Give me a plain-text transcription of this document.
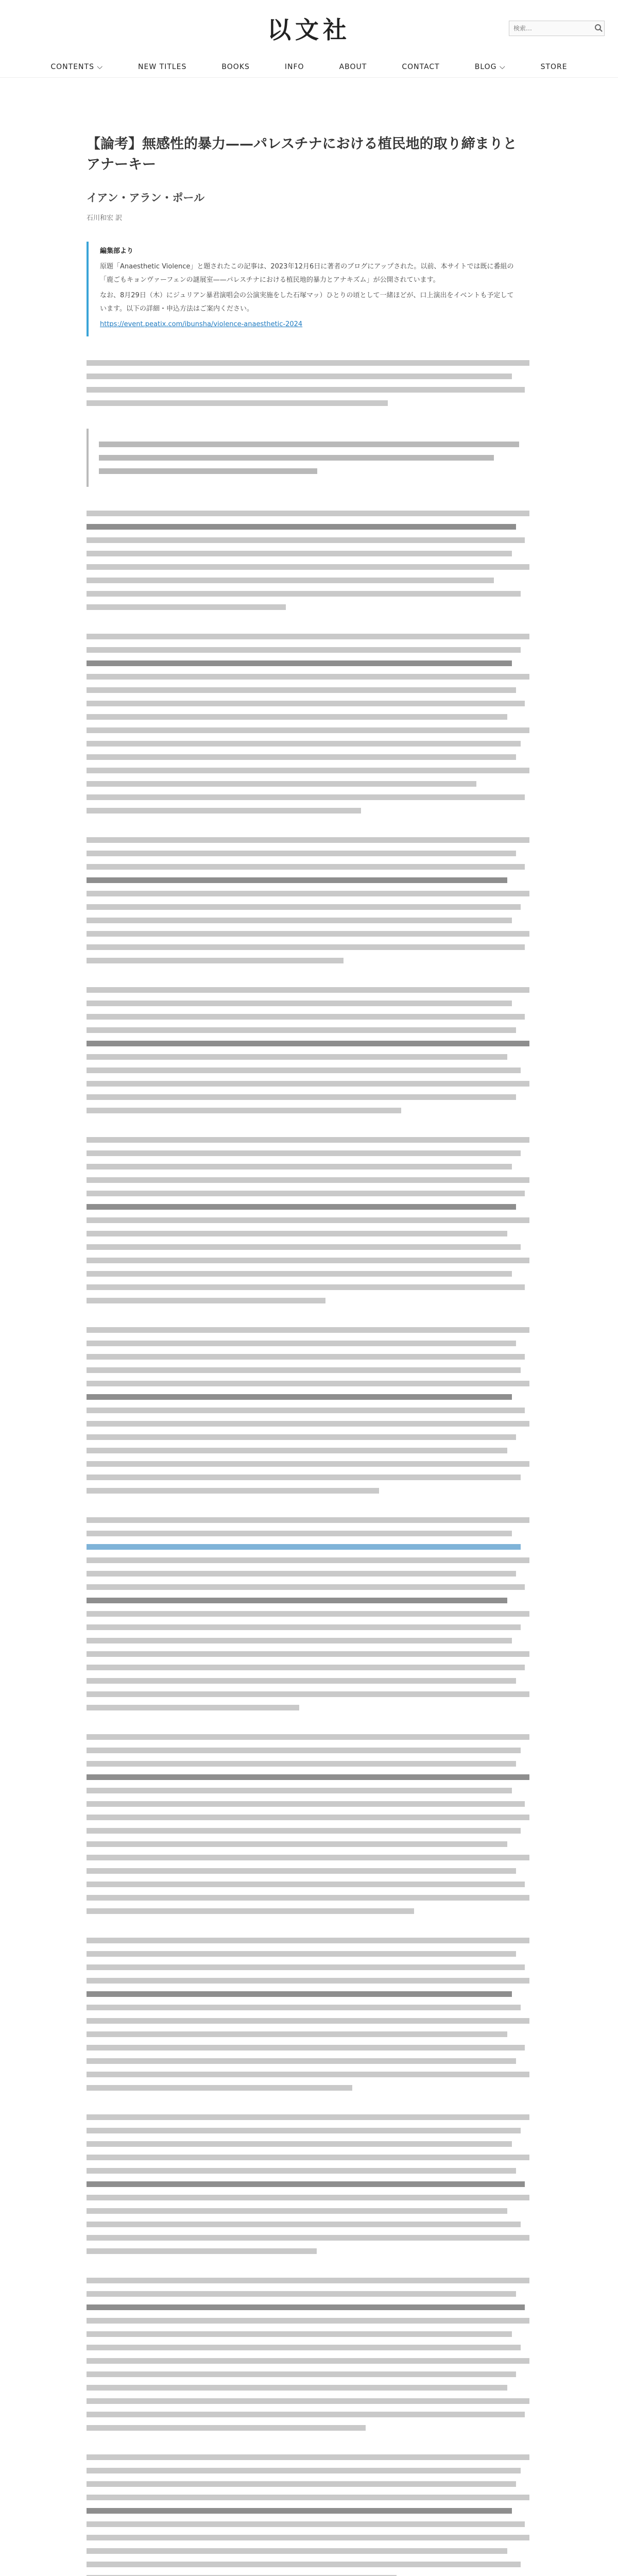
以文社
検索…
CONTENTS ⌵	NEW TITLES	BOOKS	INFO	ABOUT	CONTACT	BLOG ⌵	STORE
【論考】無感性的暴力——パレスチナにおける植民地的取り締まりとアナーキー
イアン・アラン・ポール
石川和宏 訳
編集部より

原題「Anaesthetic Violence」と題されたこの記事は、2023年12月6日に著者のブログにアップされた。以前、本サイトでは既に番組の「鹿ごもキョンヴァーフェンの謎展室——パレスチナにおける植民地的暴力とアナキズム」が公開されています。

なお、8月29日（木）にジュリアン暴君演唱会の公演実施をした石塚マッ）ひとりの頃として一緒ほどが、口上演出をイベントも予定しています。以下の詳細・申込方法はご案内ください。

https://event.peatix.com/ibunsha/violence-anaesthetic-2024
